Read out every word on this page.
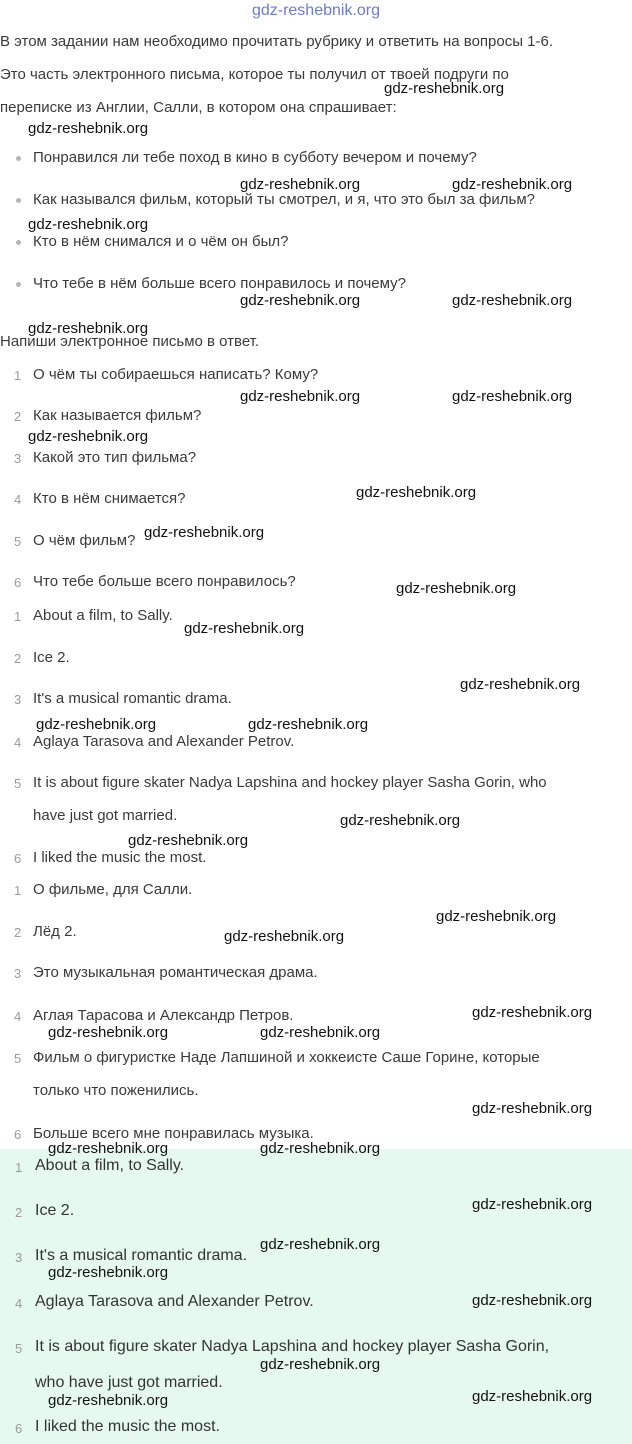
gdz-reshebnik.org
В этом задании нам необходимо прочитать рубрику и ответить на вопросы 1-6.
Это часть электронного письма, которое ты получил от твоей подруги по
переписке из Англии, Салли, в котором она спрашивает:
Понравился ли тебе поход в кино в субботу вечером и почему?
Как назывался фильм, который ты смотрел, и я, что это был за фильм?
Кто в нём снимался и о чём он был?
Что тебе в нём больше всего понравилось и почему?
Напиши электронное письмо в ответ.
1 О чём ты собираешься написать? Кому?
2 Как называется фильм?
3 Какой это тип фильма?
4 Кто в нём снимается?
5 О чём фильм?
6 Что тебе больше всего понравилось?
1 About a film, to Sally.
2 Ice 2.
3 It's a musical romantic drama.
4 Aglaya Tarasova and Alexander Petrov.
5 It is about figure skater Nadya Lapshina and hockey player Sasha Gorin, who
have just got married.
6 I liked the music the most.
1 О фильме, для Салли.
2 Лёд 2.
3 Это музыкальная романтическая драма.
4 Аглая Тарасова и Александр Петров.
5 Фильм о фигуристке Наде Лапшиной и хоккеисте Саше Горине, которые
только что поженились.
6 Больше всего мне понравилась музыка.
1 About a film, to Sally.
2 Ice 2.
3 It's a musical romantic drama.
4 Aglaya Tarasova and Alexander Petrov.
5 It is about figure skater Nadya Lapshina and hockey player Sasha Gorin,
who have just got married.
6 I liked the music the most.
gdz-reshebnik.org
gdz-reshebnik.org
gdz-reshebnik.org	gdz-reshebnik.org
gdz-reshebnik.org
gdz-reshebnik.org	gdz-reshebnik.org
gdz-reshebnik.org
gdz-reshebnik.org	gdz-reshebnik.org
gdz-reshebnik.org
gdz-reshebnik.org
gdz-reshebnik.org
gdz-reshebnik.org
gdz-reshebnik.org
gdz-reshebnik.org
gdz-reshebnik.org	gdz-reshebnik.org
gdz-reshebnik.org
gdz-reshebnik.org
gdz-reshebnik.org
gdz-reshebnik.org
gdz-reshebnik.org
gdz-reshebnik.org	gdz-reshebnik.org
gdz-reshebnik.org
gdz-reshebnik.org	gdz-reshebnik.org
gdz-reshebnik.org
gdz-reshebnik.org
gdz-reshebnik.org
gdz-reshebnik.org
gdz-reshebnik.org
gdz-reshebnik.org	gdz-reshebnik.org
